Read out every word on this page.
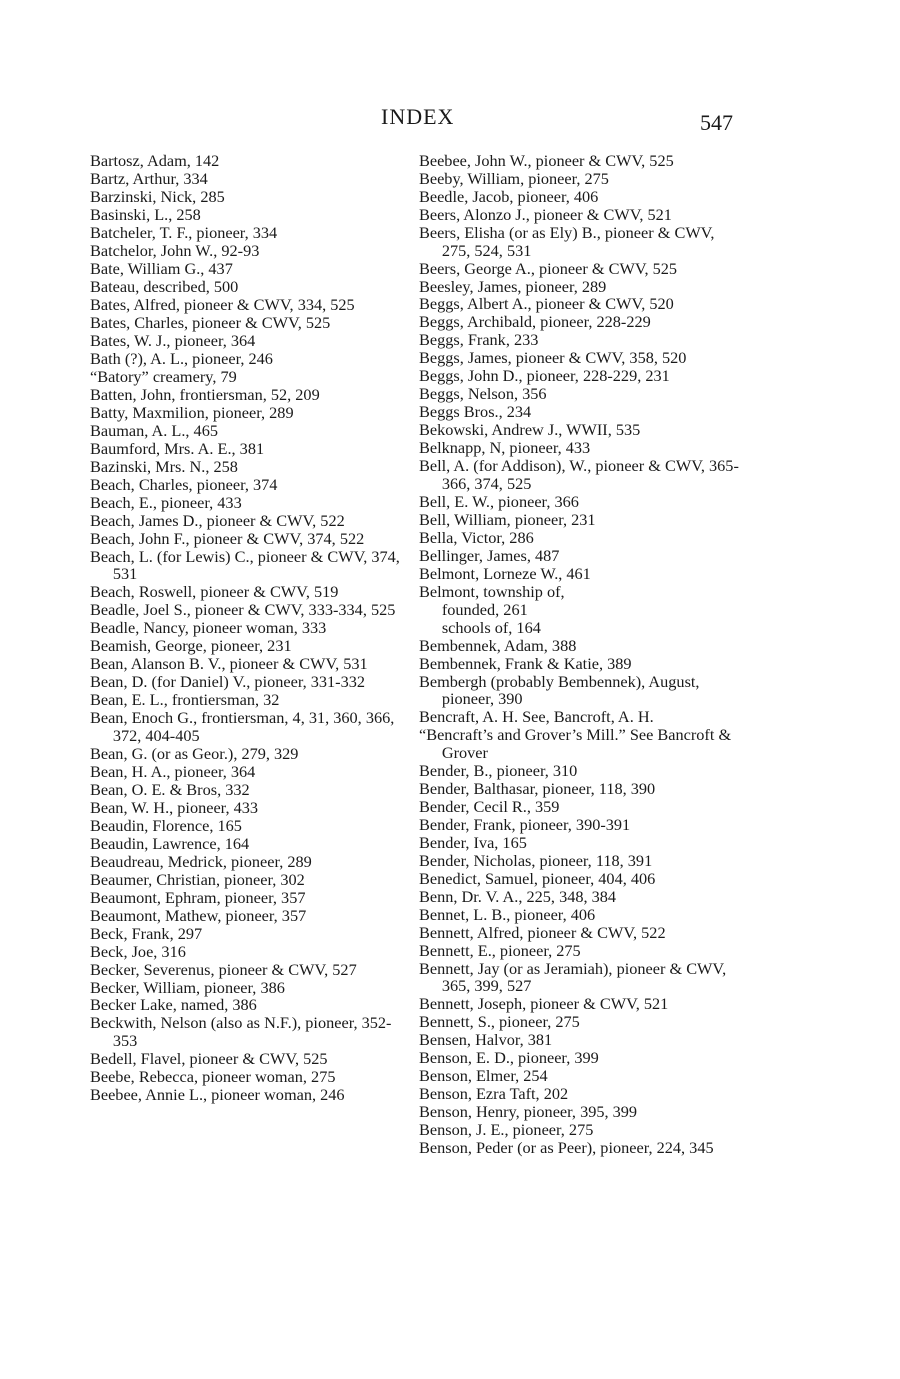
INDEX	547
Bartosz, Adam, 142
Bartz, Arthur, 334
Barzinski, Nick, 285
Basinski, L., 258
Batcheler, T. F., pioneer, 334
Batchelor, John W., 92-93
Bate, William G., 437
Bateau, described, 500
Bates, Alfred, pioneer & CWV, 334, 525
Bates, Charles, pioneer & CWV, 525
Bates, W. J., pioneer, 364
Bath (?), A. L., pioneer, 246
“Batory” creamery, 79
Batten, John, frontiersman, 52, 209
Batty, Maxmilion, pioneer, 289
Bauman, A. L., 465
Baumford, Mrs. A. E., 381
Bazinski, Mrs. N., 258
Beach, Charles, pioneer, 374
Beach, E., pioneer, 433
Beach, James D., pioneer & CWV, 522
Beach, John F., pioneer & CWV, 374, 522
Beach, L. (for Lewis) C., pioneer & CWV, 374, 531
Beach, Roswell, pioneer & CWV, 519
Beadle, Joel S., pioneer & CWV, 333-334, 525
Beadle, Nancy, pioneer woman, 333
Beamish, George, pioneer, 231
Bean, Alanson B. V., pioneer & CWV, 531
Bean, D. (for Daniel) V., pioneer, 331-332
Bean, E. L., frontiersman, 32
Bean, Enoch G., frontiersman, 4, 31, 360, 366, 372, 404-405
Bean, G. (or as Geor.), 279, 329
Bean, H. A., pioneer, 364
Bean, O. E. & Bros, 332
Bean, W. H., pioneer, 433
Beaudin, Florence, 165
Beaudin, Lawrence, 164
Beaudreau, Medrick, pioneer, 289
Beaumer, Christian, pioneer, 302
Beaumont, Ephram, pioneer, 357
Beaumont, Mathew, pioneer, 357
Beck, Frank, 297
Beck, Joe, 316
Becker, Severenus, pioneer & CWV, 527
Becker, William, pioneer, 386
Becker Lake, named, 386
Beckwith, Nelson (also as N.F.), pioneer, 352-353
Bedell, Flavel, pioneer & CWV, 525
Beebe, Rebecca, pioneer woman, 275
Beebee, Annie L., pioneer woman, 246
Beebee, John W., pioneer & CWV, 525
Beeby, William, pioneer, 275
Beedle, Jacob, pioneer, 406
Beers, Alonzo J., pioneer & CWV, 521
Beers, Elisha (or as Ely) B., pioneer & CWV, 275, 524, 531
Beers, George A., pioneer & CWV, 525
Beesley, James, pioneer, 289
Beggs, Albert A., pioneer & CWV, 520
Beggs, Archibald, pioneer, 228-229
Beggs, Frank, 233
Beggs, James, pioneer & CWV, 358, 520
Beggs, John D., pioneer, 228-229, 231
Beggs, Nelson, 356
Beggs Bros., 234
Bekowski, Andrew J., WWII, 535
Belknapp, N, pioneer, 433
Bell, A. (for Addison), W., pioneer & CWV, 365-366, 374, 525
Bell, E. W., pioneer, 366
Bell, William, pioneer, 231
Bella, Victor, 286
Bellinger, James, 487
Belmont, Lorneze W., 461
Belmont, township of,
founded, 261
schools of, 164
Bembennek, Adam, 388
Bembennek, Frank & Katie, 389
Bembergh (probably Bembennek), August, pioneer, 390
Bencraft, A. H. See, Bancroft, A. H.
“Bencraft’s and Grover’s Mill.” See Bancroft & Grover
Bender, B., pioneer, 310
Bender, Balthasar, pioneer, 118, 390
Bender, Cecil R., 359
Bender, Frank, pioneer, 390-391
Bender, Iva, 165
Bender, Nicholas, pioneer, 118, 391
Benedict, Samuel, pioneer, 404, 406
Benn, Dr. V. A., 225, 348, 384
Bennet, L. B., pioneer, 406
Bennett, Alfred, pioneer & CWV, 522
Bennett, E., pioneer, 275
Bennett, Jay (or as Jeramiah), pioneer & CWV, 365, 399, 527
Bennett, Joseph, pioneer & CWV, 521
Bennett, S., pioneer, 275
Bensen, Halvor, 381
Benson, E. D., pioneer, 399
Benson, Elmer, 254
Benson, Ezra Taft, 202
Benson, Henry, pioneer, 395, 399
Benson, J. E., pioneer, 275
Benson, Peder (or as Peer), pioneer, 224, 345
